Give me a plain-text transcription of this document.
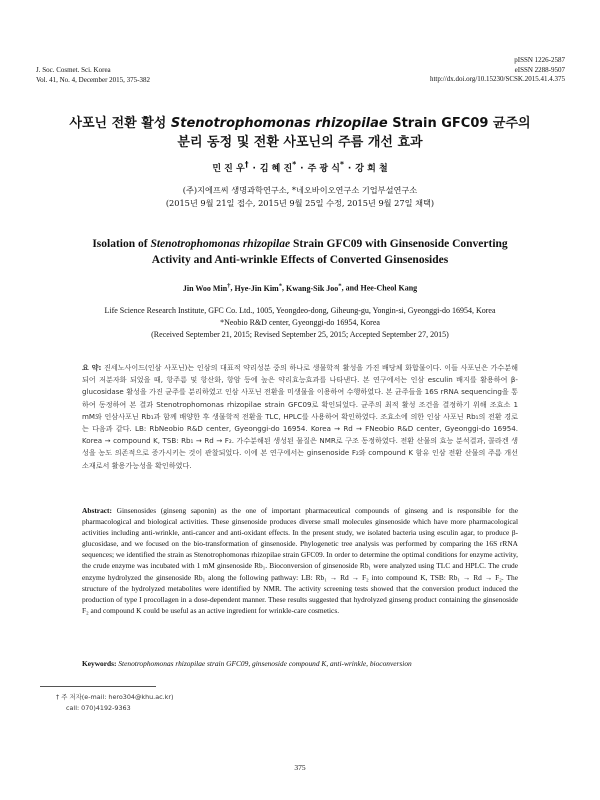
J. Soc. Cosmet. Sci. Korea
Vol. 41, No. 4, December 2015, 375-382
pISSN 1226-2587
eISSN 2288-9507
http://dx.doi.org/10.15230/SCSK.2015.41.4.375
사포닌 전환 활성 Stenotrophomonas rhizopilae Strain GFC09 균주의
분리 동정 및 전환 사포닌의 주름 개선 효과
민 진 우† · 김 혜 진* · 주 광 식* · 강 희 철
(주)지에프씨 생명과학연구소, *네오바이오연구소 기업부설연구소
(2015년 9월 21일 접수, 2015년 9월 25일 수정, 2015년 9월 27일 채택)
Isolation of Stenotrophomonas rhizopilae Strain GFC09 with Ginsenoside Converting
Activity and Anti-wrinkle Effects of Converted Ginsenosides
Jin Woo Min†, Hye-Jin Kim*, Kwang-Sik Joo*, and Hee-Cheol Kang
Life Science Research Institute, GFC Co. Ltd., 1005, Yeongdeo-dong, Giheung-gu, Yongin-si, Gyeonggi-do 16954, Korea
*Neobio R&D center, Gyeonggi-do 16954, Korea
(Received September 21, 2015; Revised September 25, 2015; Accepted September 27, 2015)
요 약: 진세노사이드(인삼 사포닌)는 인삼의 대표적 약리성분 중의 하나로 생물학적 활성을 가진 배당체 화합물이다. 이들 사포닌은 가수분해 되어 저분자화 되었을 때, 항주름 및 항산화, 항암 등에 높은 약리효능효과를 나타낸다. 본 연구에서는 인삼 esculin 배지를 활용하여 β-glucosidase 활성을 가진 균주를 분리하였고 인삼 사포닌 전환을 미생물을 이용하여 수행하였다. 본 균주들을 16S rRNA sequencing을 통하여 동정하여 본 결과 Stenotrophomonas rhizopilae strain GFC09로 확인되었다. 균주의 최적 활성 조건을 결정하기 위해 조효소 1 mM와 인삼사포닌 Rb₁과 함께 배양한 후 생물학적 전환을 TLC, HPLC를 사용하여 확인하였다. 조효소에 의한 인삼 사포닌 Rb₁의 전환 경로는 다음과 같다. LB: RbNeobio R&D center, Gyeonggi-do 16954. Korea → Rd → FNeobio R&D center, Gyeonggi-do 16954. Korea → compound K, TSB: Rb₁ → Rd → F₂. 가수분해된 생성된 물질은 NMR로 구조 동정하였다. 전환 산물의 효능 분석결과, 콜라겐 생성을 농도 의존적으로 증가시키는 것이 관찰되었다. 이에 본 연구에서는 ginsenoside F₂와 compound K 함유 인삼 전환 산물의 주름 개선 소재로서 활용가능성을 확인하였다.
Abstract: Ginsenosides (ginseng saponin) as the one of important pharmaceutical compounds of ginseng and is responsible for the pharmacological and biological activities. These ginsenoside produces diverse small molecules ginsenoside which have more pharmacological activities including anti-wrinkle, anti-cancer and anti-oxidant effects. In the present study, we isolated bacteria using esculin agar, to produce β-glucosidase, and we focused on the bio-transformation of ginsenoside. Phylogenetic tree analysis was performed by comparing the 16S rRNA sequences; we identified the strain as Stenotrophomonas rhizopilae strain GFC09. In order to determine the optimal conditions for enzyme activity, the crude enzyme was incubated with 1 mM ginsenoside Rb₁. Bioconversion of ginsenoside Rb₁ were analyzed using TLC and HPLC. The crude enzyme hydrolyzed the ginsenoside Rb₁ along the following pathway: LB: Rb₁ → Rd → F₂ into compound K, TSB: Rb₁ → Rd → F₂. The structure of the hydrolyzed metabolites were identified by NMR. The activity screening tests showed that the conversion product induced the production of type I procollagen in a dose-dependent manner. These results suggested that hydrolyzed ginseng product containing the ginsenoside F₂ and compound K could be useful as an active ingredient for wrinkle-care cosmetics.
Keywords: Stenotrophomonas rhizopilae strain GFC09, ginsenoside compound K, anti-wrinkle, bioconversion
† 주 저자(e-mail: hero304@khu.ac.kr)
call: 070)4192-9363
375
